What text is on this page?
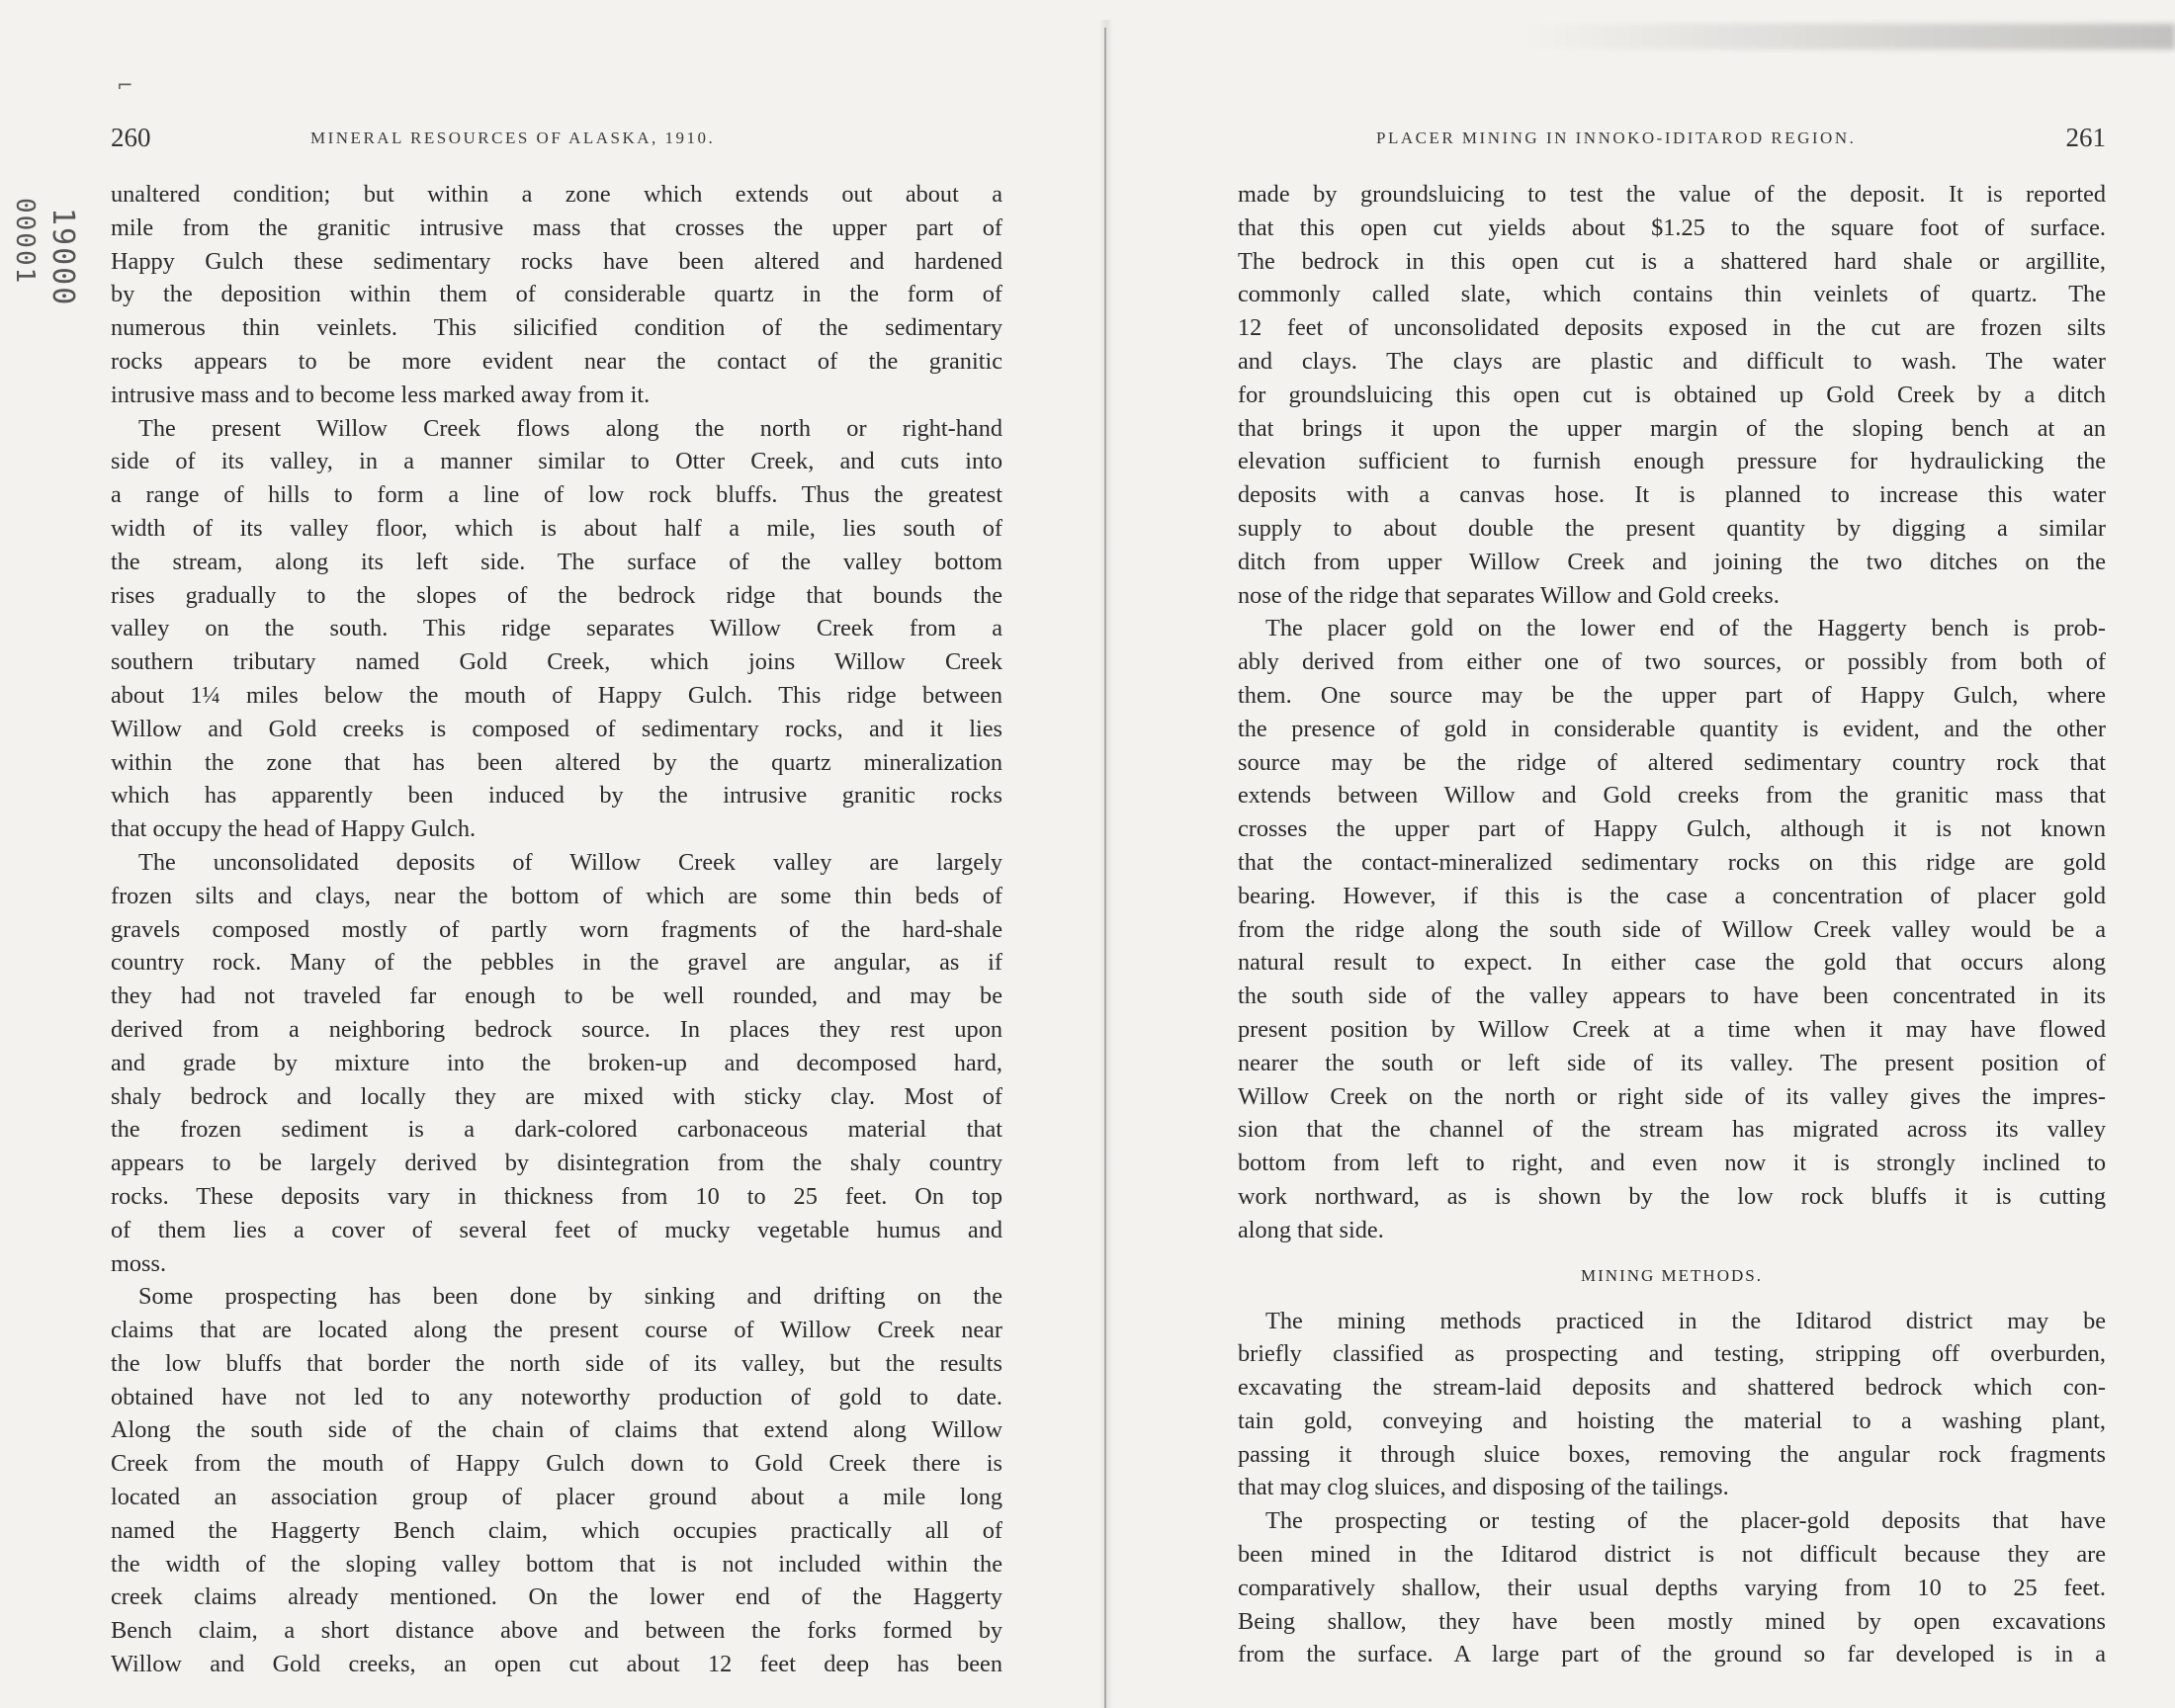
00001 19000
⌐
260	MINERAL RESOURCES OF ALASKA, 1910.
unaltered condition; but within a zone which extends out about a
mile from the granitic intrusive mass that crosses the upper part of
Happy Gulch these sedimentary rocks have been altered and hardened
by the deposition within them of considerable quartz in the form of
numerous thin veinlets. This silicified condition of the sedimentary
rocks appears to be more evident near the contact of the granitic
intrusive mass and to become less marked away from it.
The present Willow Creek flows along the north or right-hand
side of its valley, in a manner similar to Otter Creek, and cuts into
a range of hills to form a line of low rock bluffs. Thus the greatest
width of its valley floor, which is about half a mile, lies south of
the stream, along its left side. The surface of the valley bottom
rises gradually to the slopes of the bedrock ridge that bounds the
valley on the south. This ridge separates Willow Creek from a
southern tributary named Gold Creek, which joins Willow Creek
about 1¼ miles below the mouth of Happy Gulch. This ridge between
Willow and Gold creeks is composed of sedimentary rocks, and it lies
within the zone that has been altered by the quartz mineralization
which has apparently been induced by the intrusive granitic rocks
that occupy the head of Happy Gulch.
The unconsolidated deposits of Willow Creek valley are largely
frozen silts and clays, near the bottom of which are some thin beds of
gravels composed mostly of partly worn fragments of the hard-shale
country rock. Many of the pebbles in the gravel are angular, as if
they had not traveled far enough to be well rounded, and may be
derived from a neighboring bedrock source. In places they rest upon
and grade by mixture into the broken-up and decomposed hard,
shaly bedrock and locally they are mixed with sticky clay. Most of
the frozen sediment is a dark-colored carbonaceous material that
appears to be largely derived by disintegration from the shaly country
rocks. These deposits vary in thickness from 10 to 25 feet. On top
of them lies a cover of several feet of mucky vegetable humus and
moss.
Some prospecting has been done by sinking and drifting on the
claims that are located along the present course of Willow Creek near
the low bluffs that border the north side of its valley, but the results
obtained have not led to any noteworthy production of gold to date.
Along the south side of the chain of claims that extend along Willow
Creek from the mouth of Happy Gulch down to Gold Creek there is
located an association group of placer ground about a mile long
named the Haggerty Bench claim, which occupies practically all of
the width of the sloping valley bottom that is not included within the
creek claims already mentioned. On the lower end of the Haggerty
Bench claim, a short distance above and between the forks formed by
Willow and Gold creeks, an open cut about 12 feet deep has been
PLACER MINING IN INNOKO-IDITAROD REGION.	261
made by groundsluicing to test the value of the deposit. It is reported
that this open cut yields about $1.25 to the square foot of surface.
The bedrock in this open cut is a shattered hard shale or argillite,
commonly called slate, which contains thin veinlets of quartz. The
12 feet of unconsolidated deposits exposed in the cut are frozen silts
and clays. The clays are plastic and difficult to wash. The water
for groundsluicing this open cut is obtained up Gold Creek by a ditch
that brings it upon the upper margin of the sloping bench at an
elevation sufficient to furnish enough pressure for hydraulicking the
deposits with a canvas hose. It is planned to increase this water
supply to about double the present quantity by digging a similar
ditch from upper Willow Creek and joining the two ditches on the
nose of the ridge that separates Willow and Gold creeks.
The placer gold on the lower end of the Haggerty bench is prob-
ably derived from either one of two sources, or possibly from both of
them. One source may be the upper part of Happy Gulch, where
the presence of gold in considerable quantity is evident, and the other
source may be the ridge of altered sedimentary country rock that
extends between Willow and Gold creeks from the granitic mass that
crosses the upper part of Happy Gulch, although it is not known
that the contact-mineralized sedimentary rocks on this ridge are gold
bearing. However, if this is the case a concentration of placer gold
from the ridge along the south side of Willow Creek valley would be a
natural result to expect. In either case the gold that occurs along
the south side of the valley appears to have been concentrated in its
present position by Willow Creek at a time when it may have flowed
nearer the south or left side of its valley. The present position of
Willow Creek on the north or right side of its valley gives the impres-
sion that the channel of the stream has migrated across its valley
bottom from left to right, and even now it is strongly inclined to
work northward, as is shown by the low rock bluffs it is cutting
along that side.
MINING METHODS.
The mining methods practiced in the Iditarod district may be
briefly classified as prospecting and testing, stripping off overburden,
excavating the stream-laid deposits and shattered bedrock which con-
tain gold, conveying and hoisting the material to a washing plant,
passing it through sluice boxes, removing the angular rock fragments
that may clog sluices, and disposing of the tailings.
The prospecting or testing of the placer-gold deposits that have
been mined in the Iditarod district is not difficult because they are
comparatively shallow, their usual depths varying from 10 to 25 feet.
Being shallow, they have been mostly mined by open excavations
from the surface. A large part of the ground so far developed is in a
